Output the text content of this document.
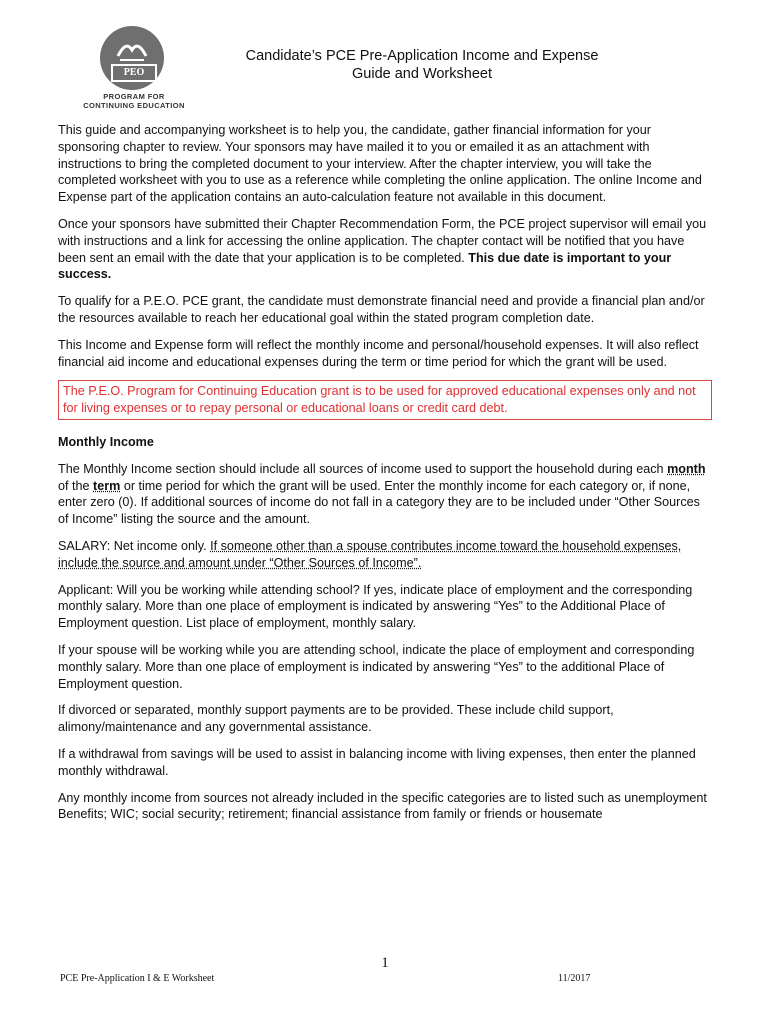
PEO
PROGRAM FOR
CONTINUING EDUCATION
Candidate’s PCE Pre-Application Income and Expense
Guide and Worksheet

This guide and accompanying worksheet is to help you, the candidate, gather financial information for your sponsoring chapter to review. Your sponsors may have mailed it to you or emailed it as an attachment with instructions to bring the completed document to your interview. After the chapter interview, you will take the completed worksheet with you to use as a reference while completing the online application. The online Income and Expense part of the application contains an auto-calculation feature not available in this document.

Once your sponsors have submitted their Chapter Recommendation Form, the PCE project supervisor will email you with instructions and a link for accessing the online application. The chapter contact will be notified that you have been sent an email with the date that your application is to be completed. This due date is important to your success.

To qualify for a P.E.O. PCE grant, the candidate must demonstrate financial need and provide a financial plan and/or the resources available to reach her educational goal within the stated program completion date.

This Income and Expense form will reflect the monthly income and personal/household expenses. It will also reflect financial aid income and educational expenses during the term or time period for which the grant will be used.

The P.E.O. Program for Continuing Education grant is to be used for approved educational expenses only and not for living expenses or to repay personal or educational loans or credit card debt.
Monthly Income

The Monthly Income section should include all sources of income used to support the household during each month of the term or time period for which the grant will be used. Enter the monthly income for each category or, if none, enter zero (0). If additional sources of income do not fall in a category they are to be included under “Other Sources of Income” listing the source and the amount.

SALARY: Net income only. If someone other than a spouse contributes income toward the household expenses, include the source and amount under “Other Sources of Income”.

Applicant: Will you be working while attending school? If yes, indicate place of employment and the corresponding monthly salary. More than one place of employment is indicated by answering “Yes” to the Additional Place of Employment question. List place of employment, monthly salary.

If your spouse will be working while you are attending school, indicate the place of employment and corresponding monthly salary. More than one place of employment is indicated by answering “Yes” to the additional Place of Employment question.

If divorced or separated, monthly support payments are to be provided. These include child support, alimony/maintenance and any governmental assistance.

If a withdrawal from savings will be used to assist in balancing income with living expenses, then enter the planned monthly withdrawal.

Any monthly income from sources not already included in the specific categories are to listed such as unemployment Benefits; WIC; social security; retirement; financial assistance from family or friends or housemate

1
PCE Pre-Application I & E Worksheet	11/2017
